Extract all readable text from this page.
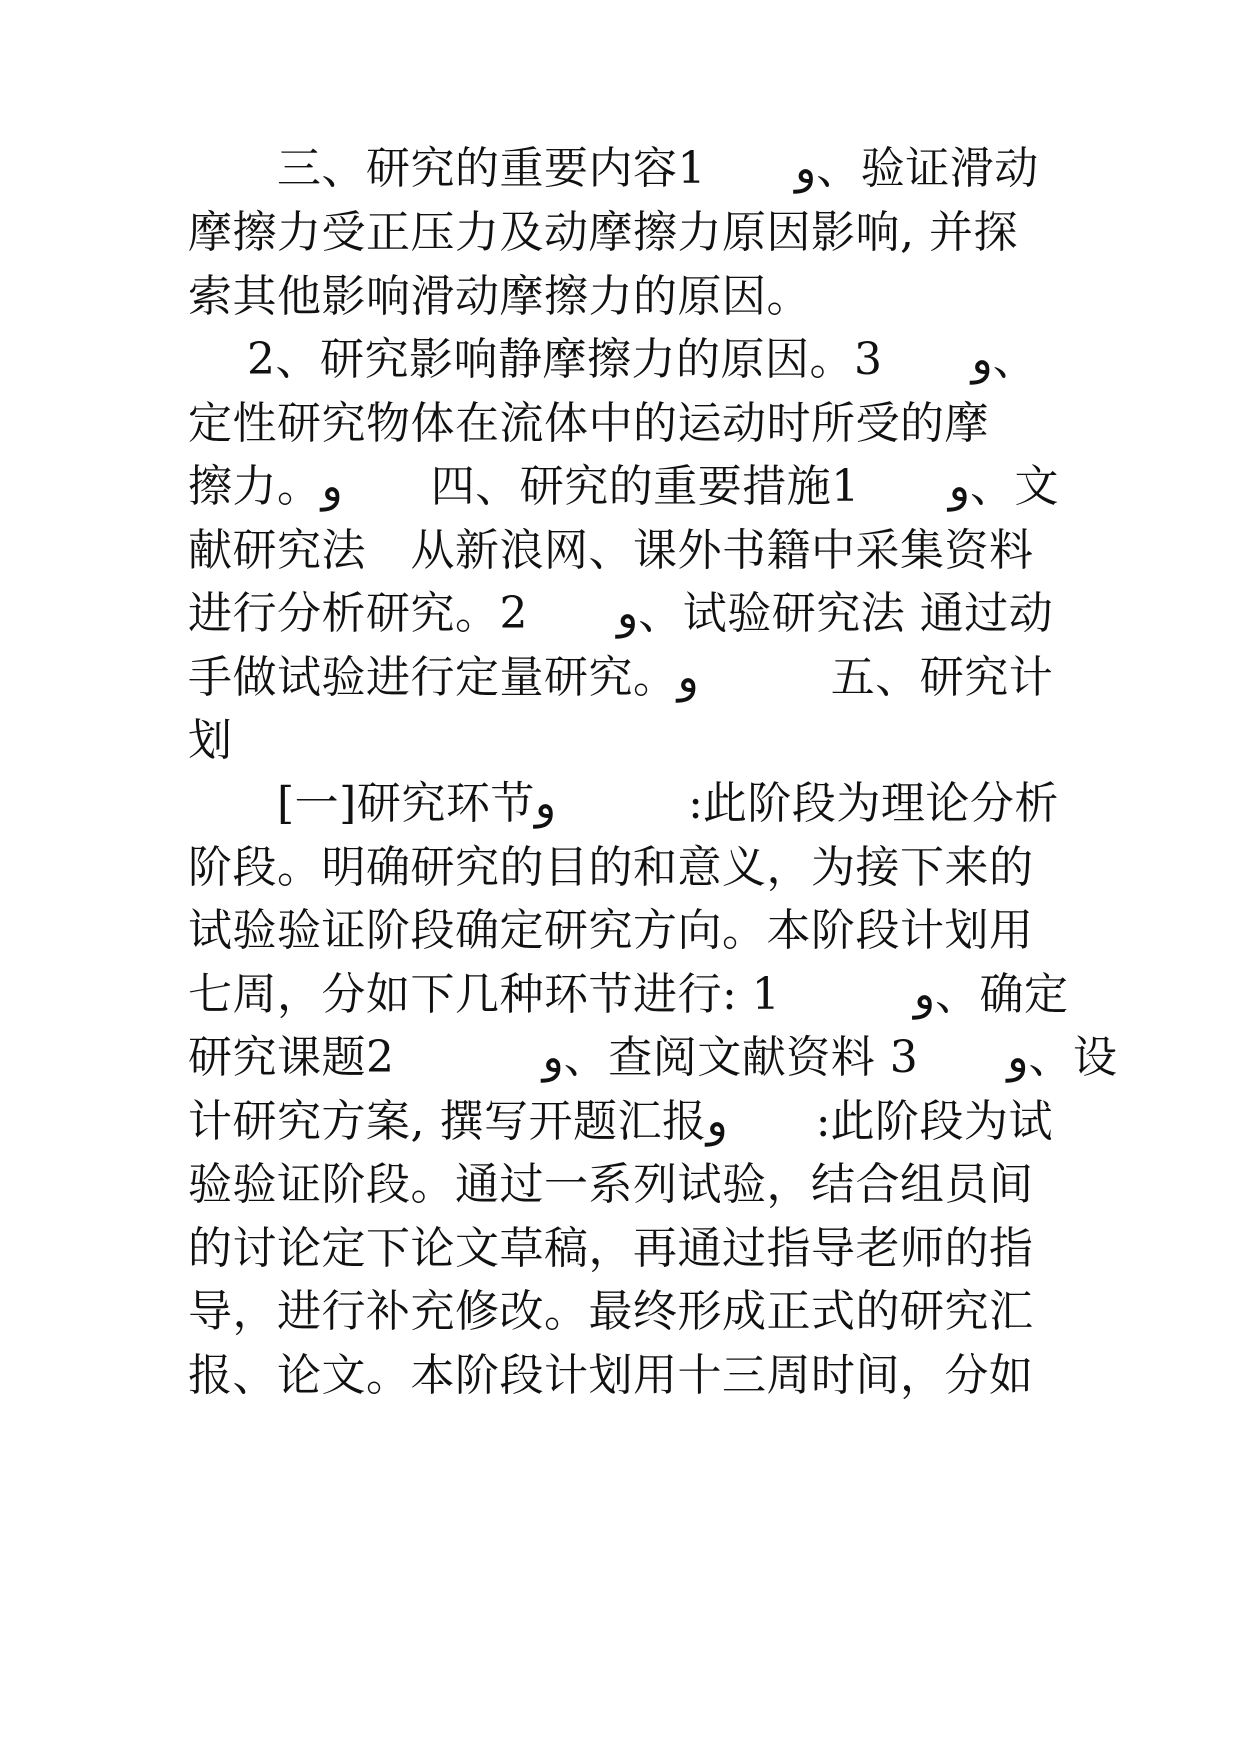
　　三、研究的重要内容1　　و、验证滑动
摩擦力受正压力及动摩擦力原因影响, 并探
索其他影响滑动摩擦力的原因。
　 2、研究影响静摩擦力的原因。3　　و、
定性研究物体在流体中的运动时所受的摩
擦力。و　　四、研究的重要措施1　　و、文
献研究法　从新浪网、课外书籍中采集资料
进行分析研究。2　　و、试验研究法 通过动
手做试验进行定量研究。و　　　五、研究计
划
　　[一]研究环节و　　　:此阶段为理论分析
阶段。明确研究的目的和意义，为接下来的
试验验证阶段确定研究方向。本阶段计划用
七周，分如下几种环节进行: 1　　　و、确定
研究课题2　　　 و、查阅文献资料 3　　و、设
计研究方案, 撰写开题汇报و　　:此阶段为试
验验证阶段。通过一系列试验，结合组员间
的讨论定下论文草稿，再通过指导老师的指
导，进行补充修改。最终形成正式的研究汇
报、论文。本阶段计划用十三周时间，分如
